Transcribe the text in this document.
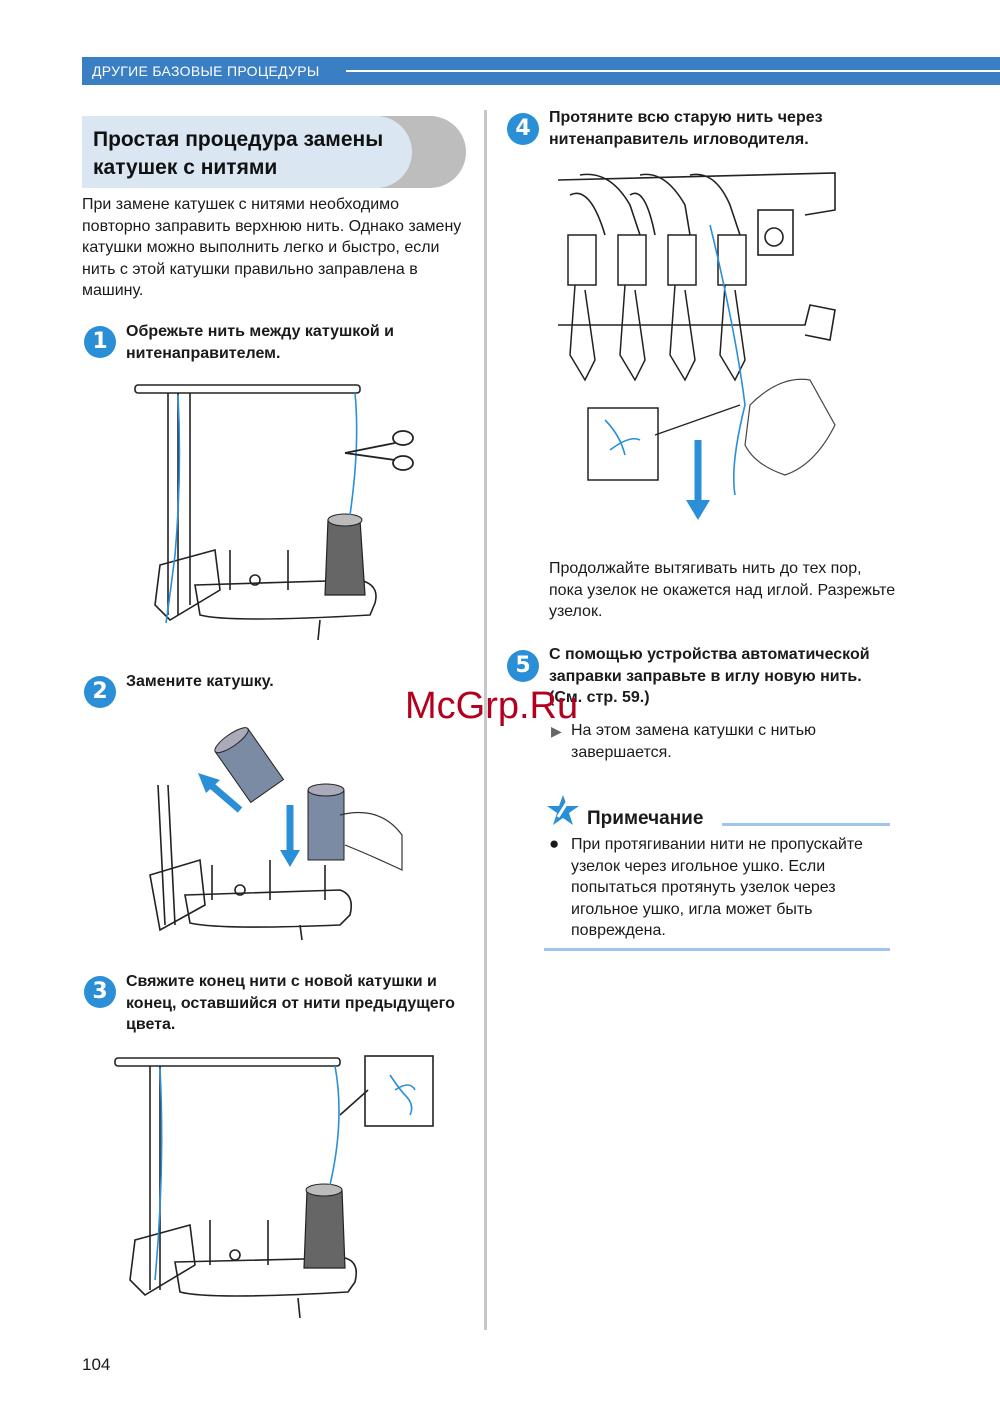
ДРУГИЕ БАЗОВЫЕ ПРОЦЕДУРЫ
Простая процедура замены катушек с нитями
При замене катушек с нитями необходимо повторно заправить верхнюю нить. Однако замену катушки можно выполнить легко и быстро, если нить с этой катушки правильно заправлена в машину.
1	Обрежьте нить между катушкой и нитенаправителем.
2	Замените катушку.
3	Свяжите конец нити с новой катушки и конец, оставшийся от нити предыдущего цвета.
4	Протяните всю старую нить через нитенаправитель игловодителя.
Продолжайте вытягивать нить до тех пор, пока узелок не окажется над иглой. Разрежьте узелок.
5	С помощью устройства автоматической заправки заправьте в иглу новую нить. (См. стр. 59.)
▶ На этом замена катушки с нитью завершается.
McGrp.Ru
Примечание
● При протягивании нити не пропускайте узелок через игольное ушко. Если попытаться протянуть узелок через игольное ушко, игла может быть повреждена.
104
